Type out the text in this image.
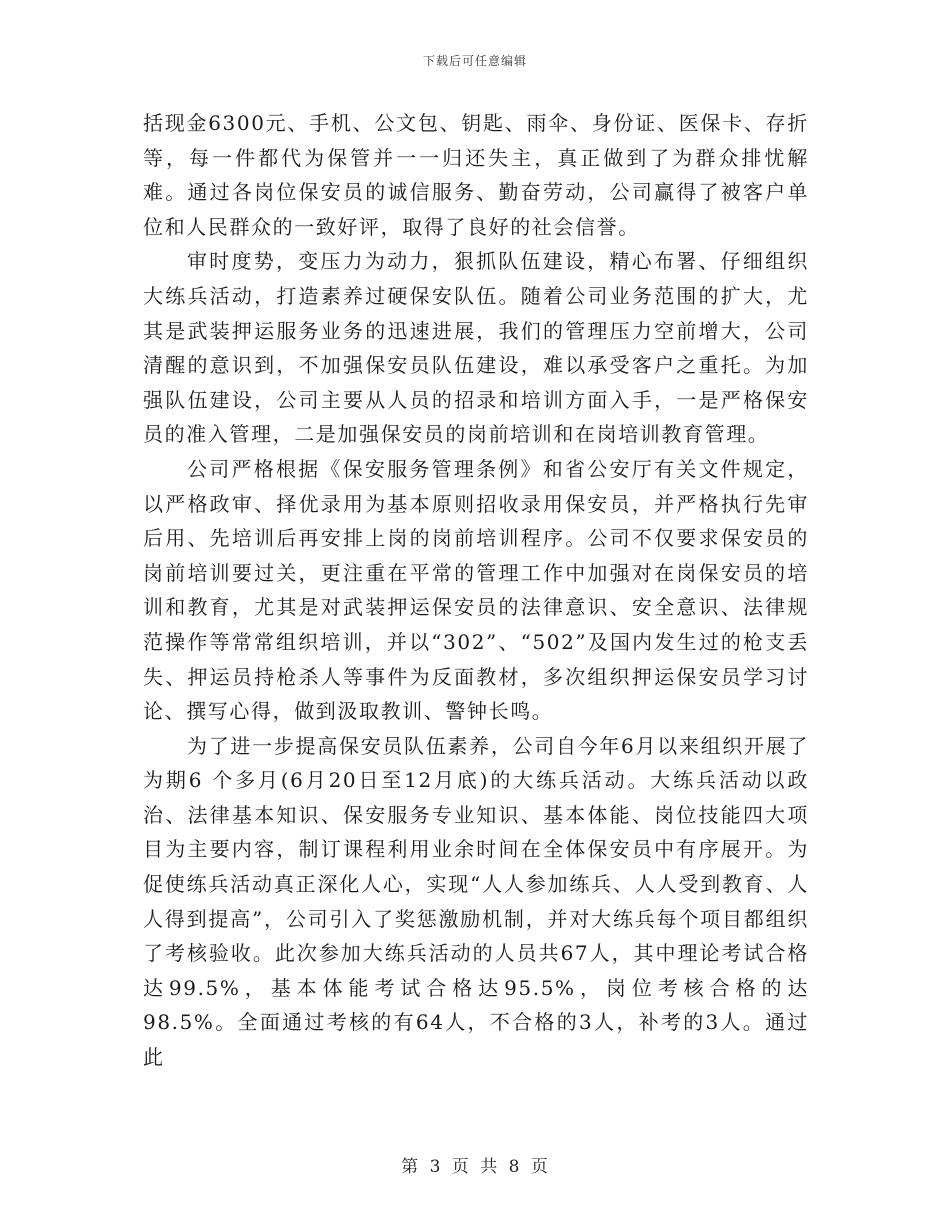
下载后可任意编辑

括现金6300元、手机、公文包、钥匙、雨伞、身份证、医保卡、存折等，每一件都代为保管并一一归还失主，真正做到了为群众排忧解难。通过各岗位保安员的诚信服务、勤奋劳动，公司赢得了被客户单位和人民群众的一致好评，取得了良好的社会信誉。

审时度势，变压力为动力，狠抓队伍建设，精心布署、仔细组织大练兵活动，打造素养过硬保安队伍。随着公司业务范围的扩大，尤其是武装押运服务业务的迅速进展，我们的管理压力空前增大，公司清醒的意识到，不加强保安员队伍建设，难以承受客户之重托。为加强队伍建设，公司主要从人员的招录和培训方面入手，一是严格保安员的准入管理，二是加强保安员的岗前培训和在岗培训教育管理。

公司严格根据《保安服务管理条例》和省公安厅有关文件规定，以严格政审、择优录用为基本原则招收录用保安员，并严格执行先审后用、先培训后再安排上岗的岗前培训程序。公司不仅要求保安员的岗前培训要过关，更注重在平常的管理工作中加强对在岗保安员的培训和教育，尤其是对武装押运保安员的法律意识、安全意识、法律规范操作等常常组织培训，并以“302”、“502”及国内发生过的枪支丢失、押运员持枪杀人等事件为反面教材，多次组织押运保安员学习讨论、撰写心得，做到汲取教训、警钟长鸣。

为了进一步提高保安员队伍素养，公司自今年6月以来组织开展了为期6 个多月(6月20日至12月底)的大练兵活动。大练兵活动以政治、法律基本知识、保安服务专业知识、基本体能、岗位技能四大项目为主要内容，制订课程利用业余时间在全体保安员中有序展开。为促使练兵活动真正深化人心，实现“人人参加练兵、人人受到教育、人人得到提高”，公司引入了奖惩激励机制，并对大练兵每个项目都组织了考核验收。此次参加大练兵活动的人员共67人，其中理论考试合格达99.5%，基本体能考试合格达95.5%，岗位考核合格的达98.5%。全面通过考核的有64人，不合格的3人，补考的3人。通过此

第 3 页 共 8 页
